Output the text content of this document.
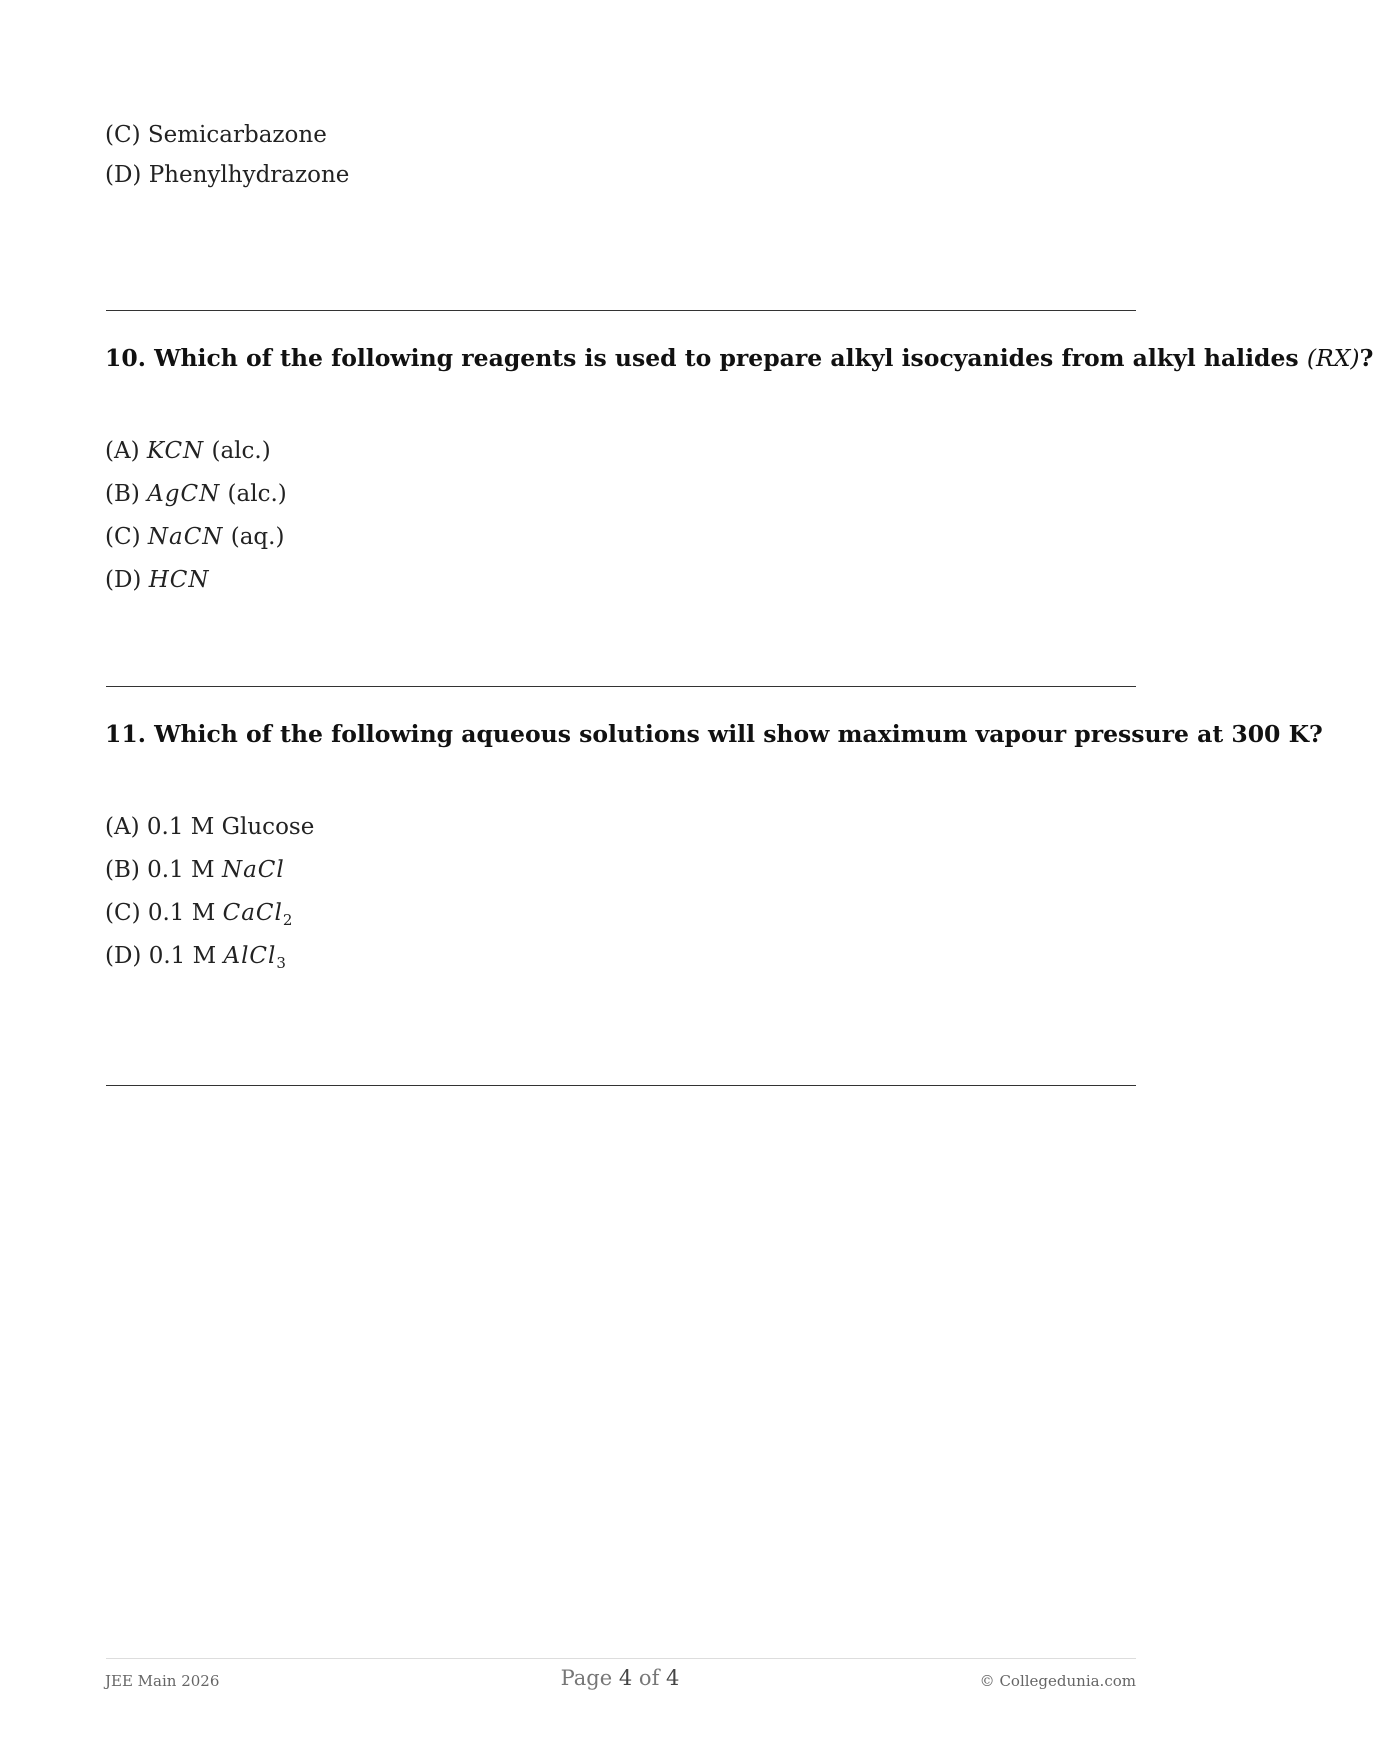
(C) Semicarbazone
(D) Phenylhydrazone
10. Which of the following reagents is used to prepare alkyl isocyanides from alkyl halides (RX)?
(A) KCN (alc.)
(B) AgCN (alc.)
(C) NaCN (aq.)
(D) HCN
11. Which of the following aqueous solutions will show maximum vapour pressure at 300 K?
(A) 0.1 M Glucose
(B) 0.1 M NaCl
(C) 0.1 M CaCl$_2$
(D) 0.1 M AlCl$_3$
JEE Main 2026	Page 4 of 4	© Collegedunia.com
